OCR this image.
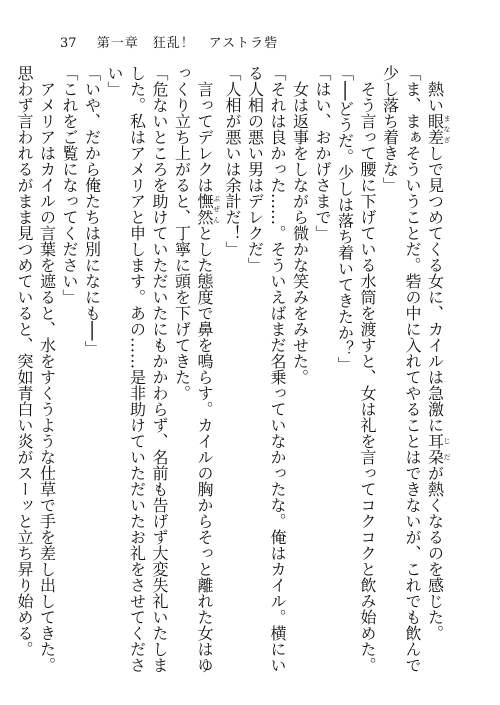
37 第一章　狂乱！　アストラ砦

熱い眼差まなざしで見つめてくる女に、カイルは急激に耳朶じだが熱くなるのを感じた。

「ま、まぁそういうことだ。砦の中に入れてやることはできないが、これでも飲んで少し落ち着きな」

そう言って腰に下げている水筒を渡すと、女は礼を言ってコクコクと飲み始めた。

「──どうだ。少しは落ち着いてきたか？」

「はい、おかげさまで」

女は返事をしながら微かな笑みをみせた。

「それは良かった……。そういえばまだ名乗っていなかったな。俺はカイル。横にいる人相の悪い男はデレクだ」

「人相が悪いは余計だ！」

言ってデレクは憮然ぶぜんとした態度で鼻を鳴らす。カイルの胸からそっと離れた女はゆっくり立ち上がると、丁寧に頭を下げてきた。

「危ないところを助けていただいたにもかかわらず、名前も告げず大変失礼いたしました。私はアメリアと申します。あの……是非助けていただいたお礼をさせてください」

「いや、だから俺たちは別になにも──」

「これをご覧になってください」

アメリアはカイルの言葉を遮ると、水をすくうような仕草で手を差し出してきた。思わず言われるがまま見つめていると、突如青白い炎がスーッと立ち昇り始める。
